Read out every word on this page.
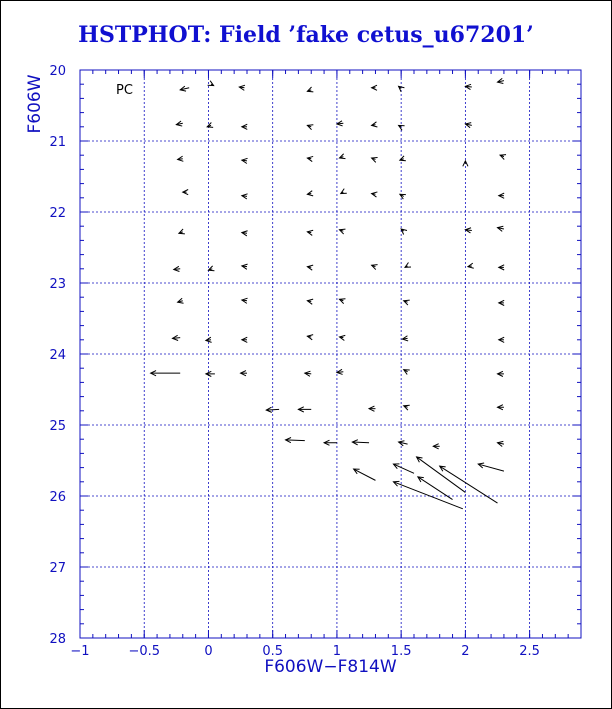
HSTPHOT: Field ’fake cetus_u67201’
−1	−0.5	0	0.5	1	1.5	2	2.5
20
21
22
23
24
25
26
27
28
F606W−F814W
F606W	PC
